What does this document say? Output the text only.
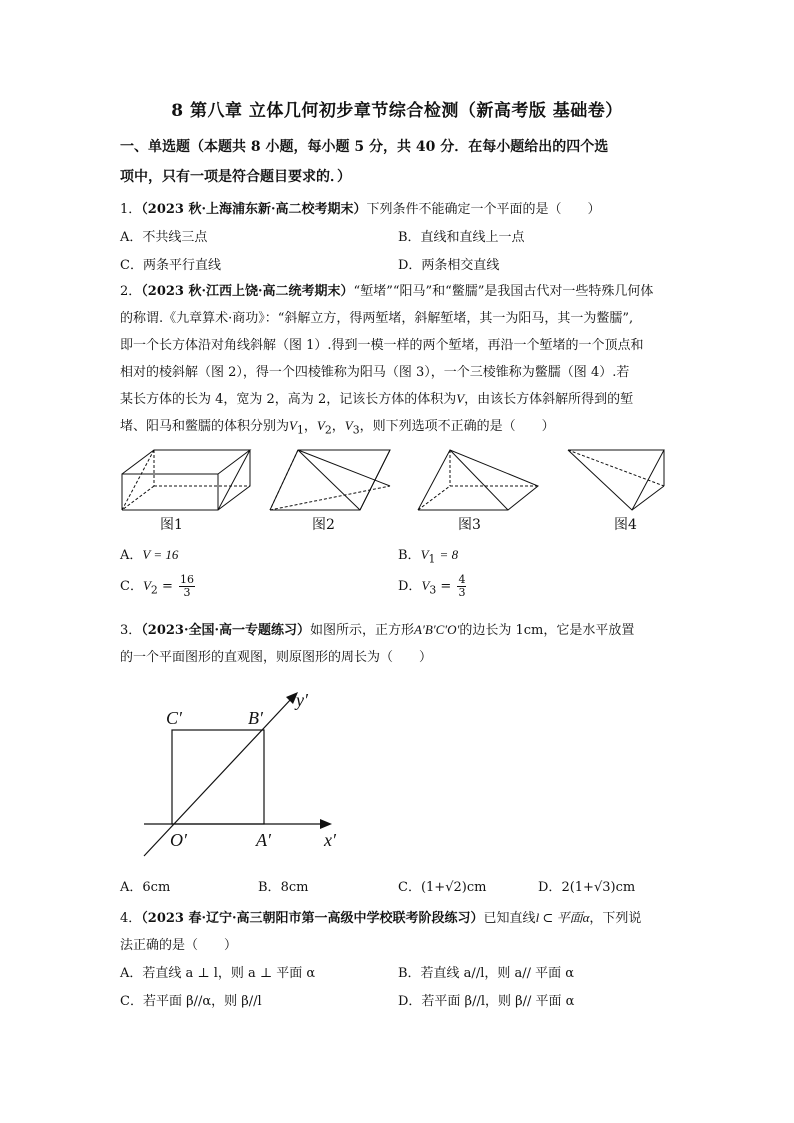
8 第八章 立体几何初步章节综合检测（新高考版 基础卷）
一、单选题（本题共 8 小题，每小题 5 分，共 40 分．在每小题给出的四个选
项中，只有一项是符合题目要求的．）
1．（2023 秋·上海浦东新·高二校考期末）下列条件不能确定一个平面的是（　　）
A．不共线三点	B．直线和直线上一点
C．两条平行直线	D．两条相交直线
2．（2023 秋·江西上饶·高二统考期末）“堑堵”“阳马”和“鳖臑”是我国古代对一些特殊几何体
的称谓.《九章算术·商功》：“斜解立方，得两堑堵，斜解堑堵，其一为阳马，其一为鳖臑”,
即一个长方体沿对角线斜解（图 1）.得到一模一样的两个堑堵，再沿一个堑堵的一个顶点和
相对的棱斜解（图 2），得一个四棱锥称为阳马（图 3），一个三棱锥称为鳖臑（图 4）.若
某长方体的长为 4，宽为 2，高为 2，记该长方体的体积为V，由该长方体斜解所得到的堑
堵、阳马和鳖臑的体积分别为$V_1$，$V_2$，$V_3$，则下列选项不正确的是（　　）
图1	图2	图3	图4
A．V = 16	B．$V_1 = 8$
C．$V_2 = \frac{16}{3}$	D．$V_3 = \frac{4}{3}$
3．（2023·全国·高一专题练习）如图所示，正方形A′B′C′O′的边长为 1cm，它是水平放置
的一个平面图形的直观图，则原图形的周长为（　　）
C′	B′
O′	A′	x′
y′
A．6cm	B．8cm	C．(1+√2)cm	D．2(1+√3)cm
4．（2023 春·辽宁·高三朝阳市第一高级中学校联考阶段练习）已知直线l ⊂ 平面α，下列说
法正确的是（　　）
A．若直线 a ⊥ l，则 a ⊥ 平面 α	B．若直线 a//l，则 a// 平面 α
C．若平面 β//α，则 β//l	D．若平面 β//l，则 β// 平面 α
